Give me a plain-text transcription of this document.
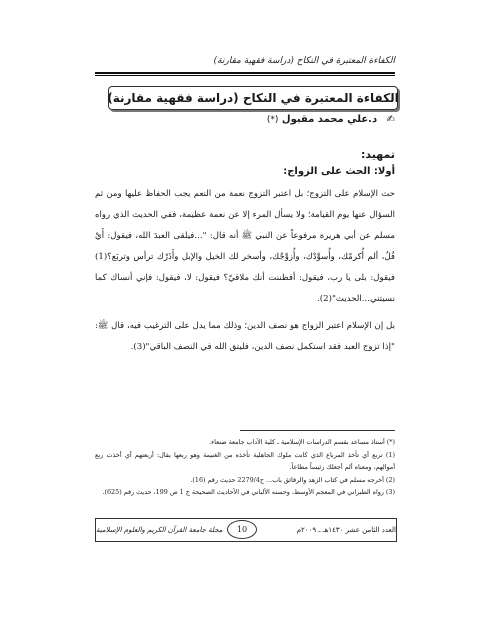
الكفاءة المعتبرة في النكاح (دراسة فقهية مقارنة)
الكفاءة المعتبرة في النكاح (دراسة فقهية مقارنة)
✍ د.علي محمد مقبول (*)
تمهيد:
أولا: الحث على الزواج:

حث الإسلام على التزوج؛ بل اعتبر التزوج نعمة من النعم يجب الحفاظ عليها ومن ثم السؤال عنها يوم القيامة؛ ولا يسأل المرء إلا عن نعمة عظيمة، ففي الحديث الذي رواه مسلم عن أبي هريرة مرفوعاً عن النبي ﷺ أنه قال: "...فيلقى العبدَ الله، فيقول: أَيْ فُلُ، ألم أُكرمْك، وأُسوِّدْك، وأُزوِّجْك، وأسخر لك الخيل والإبل وأَذَرْك ترأس وتربَع؟(1) فيقول: بلى يا رب، فيقول: أفظننت أنك ملاقيّ؟ فيقول: لا، فيقول: فإني أنساك كما نسيتني...الحديث"(2).

بل إن الإسلام اعتبر الزواج هو نصف الدين؛ وذلك مما يدل على الترغيب فيه، قال ﷺ: "إذا تزوج العبد فقد استكمل نصف الدين، فليتق الله في النصف الباقي"(3).

(*) أستاذ مساعد بقسم الدراسات الإسلامية ـ كلية الآداب جامعة صنعاء.

(1) تربع أي تأخذ المرباع الذي كانت ملوك الجاهلية تأخذه من الغنيمة وهو ربعها يقال: أربعتهم أي أخذت ربع أموالهم، ومعناه ألم أجعلك رئيساً مطاعاً.

(2) أخرجه مسلم في كتاب الزهد والرقائق باب... ح2279/4 حديث رقم (16).

(3) رواه الطبراني في المعجم الأوسط، وحسنه الألباني في الأحاديث الصحيحة ج 1 ص 199، حديث رقم (625).

مجلة جامعة القرآن الكريم والعلوم الإسلامية	العدد الثامن عشر ١٤٣٠هـ ـ ٢٠٠٩م
10
